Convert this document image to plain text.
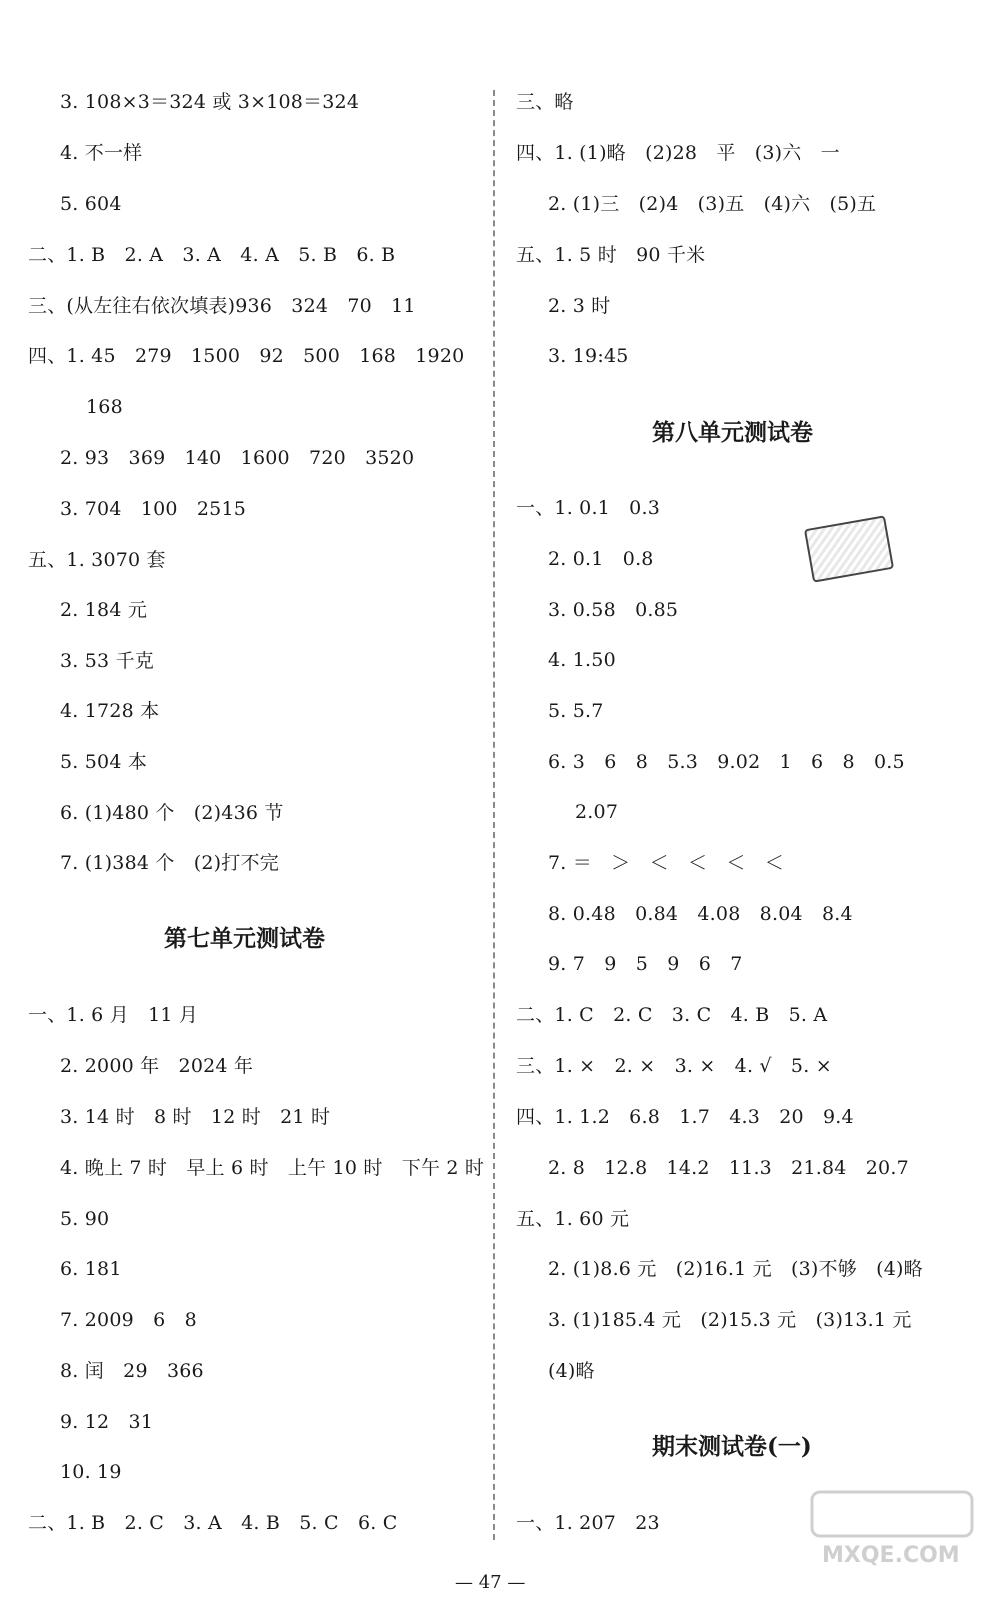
3. 108×3＝324 或 3×108＝324
4. 不一样
5. 604
二、1. B　2. A　3. A　4. A　5. B　6. B
三、(从左往右依次填表)936　324　70　11
四、1. 45　279　1500　92　500　168　1920
168
2. 93　369　140　1600　720　3520
3. 704　100　2515
五、1. 3070 套
2. 184 元
3. 53 千克
4. 1728 本
5. 504 本
6. (1)480 个　(2)436 节
7. (1)384 个　(2)打不完
第七单元测试卷
一、1. 6 月　11 月
2. 2000 年　2024 年
3. 14 时　8 时　12 时　21 时
4. 晚上 7 时　早上 6 时　上午 10 时　下午 2 时
5. 90
6. 181
7. 2009　6　8
8. 闰　29　366
9. 12　31
10. 19
二、1. B　2. C　3. A　4. B　5. C　6. C
三、略
四、1. (1)略　(2)28　平　(3)六　一
2. (1)三　(2)4　(3)五　(4)六　(5)五
五、1. 5 时　90 千米
2. 3 时
3. 19:45
第八单元测试卷
一、1. 0.1　0.3
2. 0.1　0.8
3. 0.58　0.85
4. 1.50
5. 5.7
6. 3　6　8　5.3　9.02　1　6　8　0.5
2.07
7. ＝　＞　＜　＜　＜　＜
8. 0.48　0.84　4.08　8.04　8.4
9. 7　9　5　9　6　7
二、1. C　2. C　3. C　4. B　5. A
三、1. ×　2. ×　3. ×　4. √　5. ×
四、1. 1.2　6.8　1.7　4.3　20　9.4
2. 8　12.8　14.2　11.3　21.84　20.7
五、1. 60 元
2. (1)8.6 元　(2)16.1 元　(3)不够　(4)略
3. (1)185.4 元　(2)15.3 元　(3)13.1 元
(4)略
期末测试卷(一)
一、1. 207　23
MXQE.COM
— 47 —
